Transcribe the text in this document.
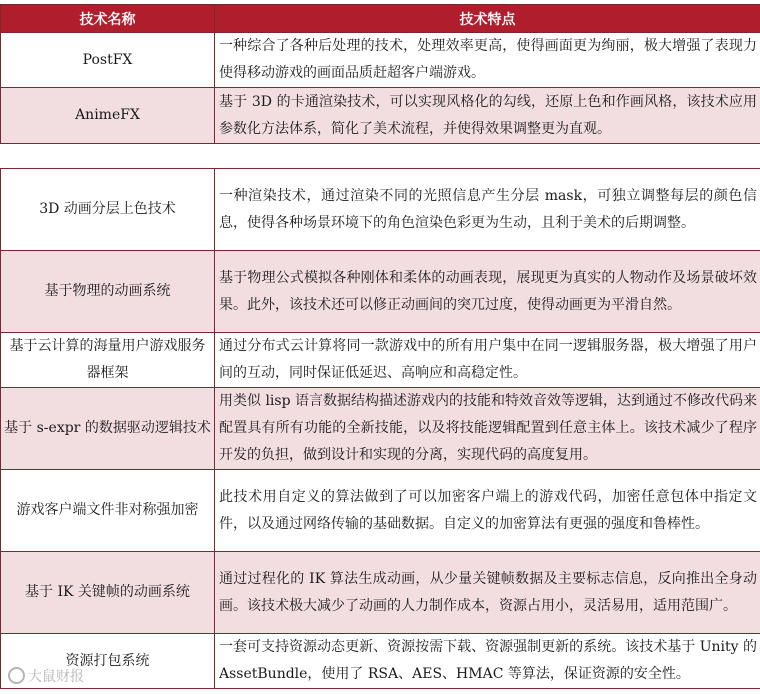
技术名称	技术特点
PostFX	一种综合了各种后处理的技术，处理效率更高，使得画面更为绚丽，极大增强了表现力使得移动游戏的画面品质赶超客户端游戏。
AnimeFX	基于 3D 的卡通渲染技术，可以实现风格化的勾线，还原上色和作画风格，该技术应用参数化方法体系，简化了美术流程，并使得效果调整更为直观。
3D 动画分层上色技术	一种渲染技术，通过渲染不同的光照信息产生分层 mask，可独立调整每层的颜色信息，使得各种场景环境下的角色渲染色彩更为生动，且利于美术的后期调整。
基于物理的动画系统	基于物理公式模拟各种刚体和柔体的动画表现，展现更为真实的人物动作及场景破坏效果。此外，该技术还可以修正动画间的突兀过度，使得动画更为平滑自然。
基于云计算的海量用户游戏服务器框架	通过分布式云计算将同一款游戏中的所有用户集中在同一逻辑服务器，极大增强了用户间的互动，同时保证低延迟、高响应和高稳定性。
基于 s-expr 的数据驱动逻辑技术	用类似 lisp 语言数据结构描述游戏内的技能和特效音效等逻辑，达到通过不修改代码来配置具有所有功能的全新技能，以及将技能逻辑配置到任意主体上。该技术减少了程序开发的负担，做到设计和实现的分离，实现代码的高度复用。
游戏客户端文件非对称强加密	此技术用自定义的算法做到了可以加密客户端上的游戏代码，加密任意包体中指定文件，以及通过网络传输的基础数据。自定义的加密算法有更强的强度和鲁棒性。
基于 IK 关键帧的动画系统	通过过程化的 IK 算法生成动画，从少量关键帧数据及主要标志信息，反向推出全身动画。该技术极大减少了动画的人力制作成本，资源占用小，灵活易用，适用范围广。
资源打包系统	一套可支持资源动态更新、资源按需下载、资源强制更新的系统。该技术基于 Unity 的 AssetBundle，使用了 RSA、AES、HMAC 等算法，保证资源的安全性。
大鼠财报
